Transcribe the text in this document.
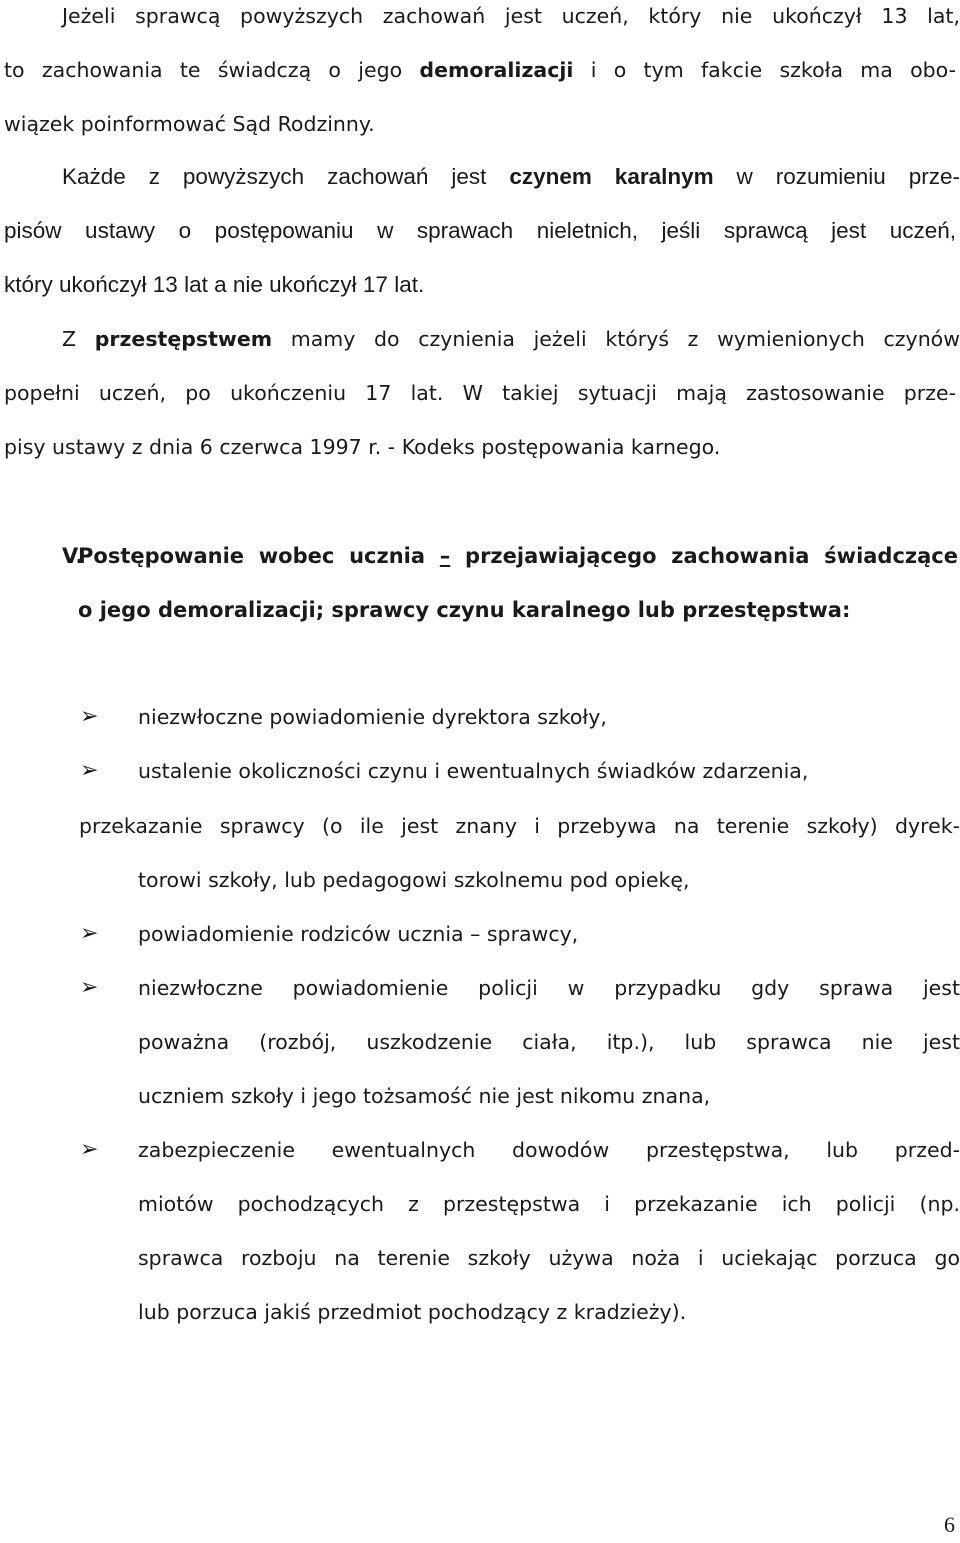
Jeżeli sprawcą powyższych zachowań jest uczeń, który nie ukończył 13 lat,
to zachowania te świadczą o jego demoralizacji i o tym fakcie szkoła ma obo-
wiązek poinformować Sąd Rodzinny.
Każde z powyższych zachowań jest czynem karalnym w rozumieniu prze-
pisów ustawy o postępowaniu w sprawach nieletnich, jeśli sprawcą jest uczeń,
który ukończył 13 lat a nie ukończył 17 lat.
Z przestępstwem mamy do czynienia jeżeli któryś z wymienionych czynów
popełni uczeń, po ukończeniu 17 lat. W takiej sytuacji mają zastosowanie prze-
pisy ustawy z dnia 6 czerwca 1997 r. - Kodeks postępowania karnego.
V.
Postępowanie wobec ucznia – przejawiającego zachowania świadczące
o jego demoralizacji; sprawcy czynu karalnego lub przestępstwa:
➢ niezwłoczne powiadomienie dyrektora szkoły,
➢ ustalenie okoliczności czynu i ewentualnych świadków zdarzenia,
przekazanie sprawcy (o ile jest znany i przebywa na terenie szkoły) dyrek-
torowi szkoły, lub pedagogowi szkolnemu pod opiekę,
➢ powiadomienie rodziców ucznia – sprawcy,
➢ niezwłoczne powiadomienie policji w przypadku gdy sprawa jest
poważna (rozbój, uszkodzenie ciała, itp.), lub sprawca nie jest
uczniem szkoły i jego tożsamość nie jest nikomu znana,
➢ zabezpieczenie ewentualnych dowodów przestępstwa, lub przed-
miotów pochodzących z przestępstwa i przekazanie ich policji (np.
sprawca rozboju na terenie szkoły używa noża i uciekając porzuca go
lub porzuca jakiś przedmiot pochodzący z kradzieży).
6
